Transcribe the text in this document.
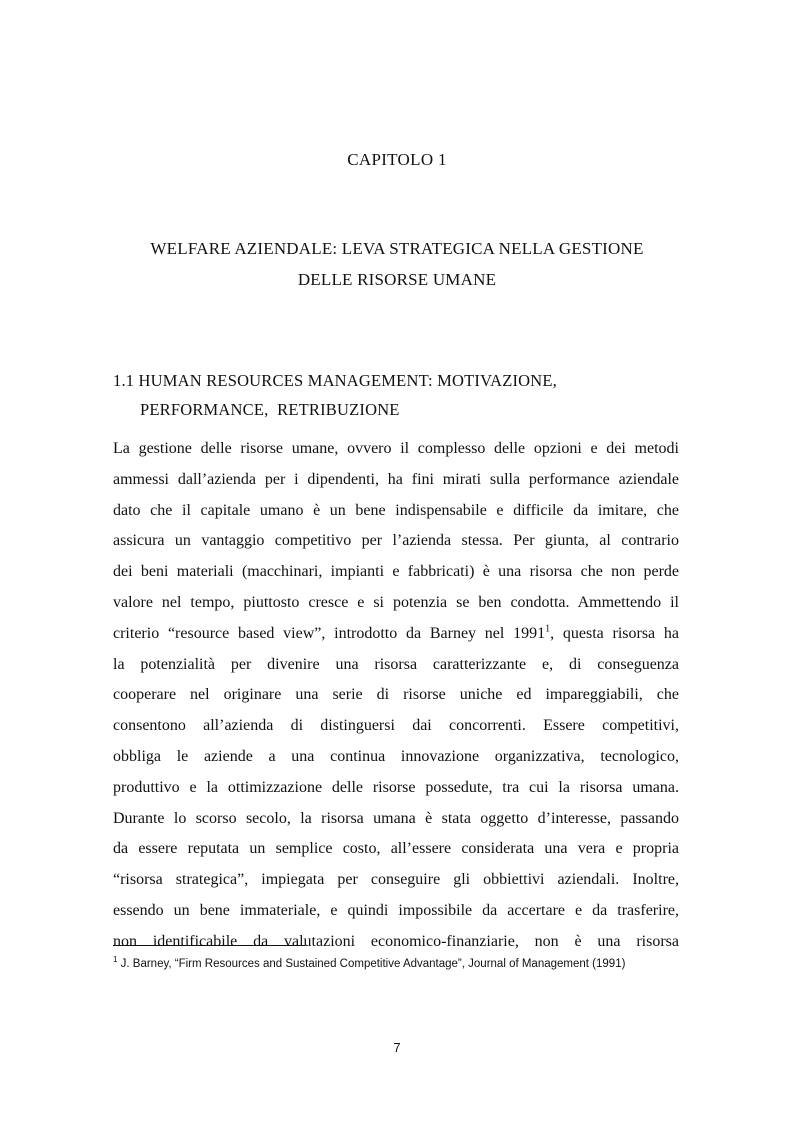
CAPITOLO 1
WELFARE AZIENDALE: LEVA STRATEGICA NELLA GESTIONE
DELLE RISORSE UMANE
1.1 HUMAN RESOURCES MANAGEMENT: MOTIVAZIONE,
PERFORMANCE,  RETRIBUZIONE
La gestione delle risorse umane, ovvero il complesso delle opzioni e dei metodi
ammessi dall’azienda per i dipendenti, ha fini mirati sulla performance aziendale
dato che il capitale umano è un bene indispensabile e difficile da imitare, che
assicura un vantaggio competitivo per l’azienda stessa. Per giunta, al contrario
dei beni materiali (macchinari, impianti e fabbricati) è una risorsa che non perde
valore nel tempo, piuttosto cresce e si potenzia se ben condotta. Ammettendo il
criterio “resource based view”, introdotto da Barney nel 1991$^1$, questa risorsa ha
la potenzialità per divenire una risorsa caratterizzante e, di conseguenza
cooperare nel originare una serie di risorse uniche ed impareggiabili, che
consentono all’azienda di distinguersi dai concorrenti. Essere competitivi,
obbliga le aziende a una continua innovazione organizzativa, tecnologico,
produttivo e la ottimizzazione delle risorse possedute, tra cui la risorsa umana.
Durante lo scorso secolo, la risorsa umana è stata oggetto d’interesse, passando
da essere reputata un semplice costo, all’essere considerata una vera e propria
“risorsa strategica”, impiegata per conseguire gli obbiettivi aziendali. Inoltre,
essendo un bene immateriale, e quindi impossibile da accertare e da trasferire,
non identificabile da valutazioni economico-finanziarie, non è una risorsa
$^1$ J. Barney, “Firm Resources and Sustained Competitive Advantage”, Journal of Management (1991)
7
